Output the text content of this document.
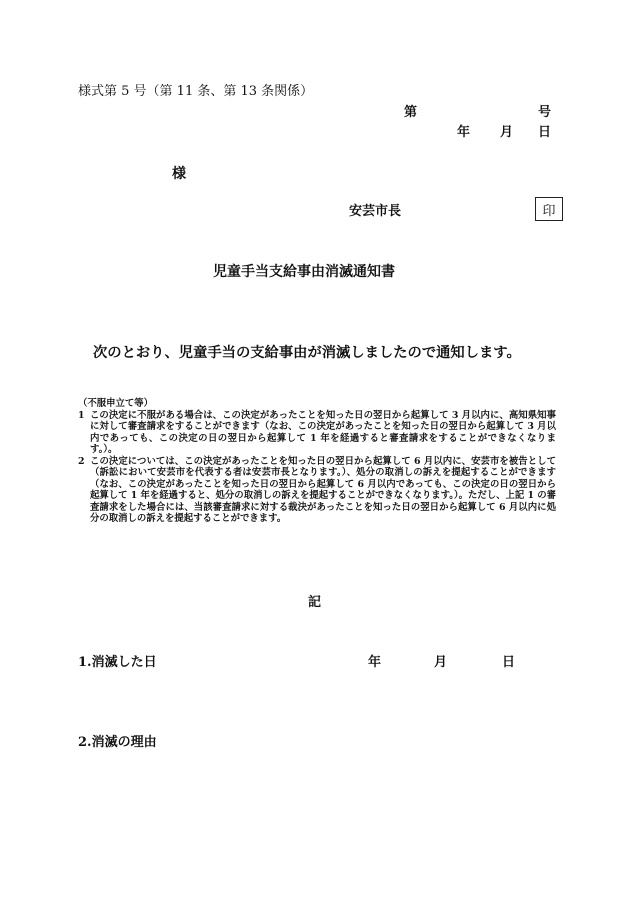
様式第 5 号（第 11 条、第 13 条関係）
第	号
年 月 日
様
安芸市長	印
児童手当支給事由消滅通知書
次のとおり、児童手当の支給事由が消滅しましたので通知します。
（不服申立て等）
1 この決定に不服がある場合は、この決定があったことを知った日の翌日から起算して 3 月以内に、高知県知事に対して審査請求をすることができます（なお、この決定があったことを知った日の翌日から起算して 3 月以内であっても、この決定の日の翌日から起算して 1 年を経過すると審査請求をすることができなくなります。）。
2 この決定については、この決定があったことを知った日の翌日から起算して 6 月以内に、安芸市を被告として（訴訟において安芸市を代表する者は安芸市長となります。）、処分の取消しの訴えを提起することができます（なお、この決定があったことを知った日の翌日から起算して 6 月以内であっても、この決定の日の翌日から起算して 1 年を経過すると、処分の取消しの訴えを提起することができなくなります。）。ただし、上記 1 の審査請求をした場合には、当該審査請求に対する裁決があったことを知った日の翌日から起算して 6 月以内に処分の取消しの訴えを提起することができます。
記
1.消滅した日	年	月	日
2.消滅の理由
